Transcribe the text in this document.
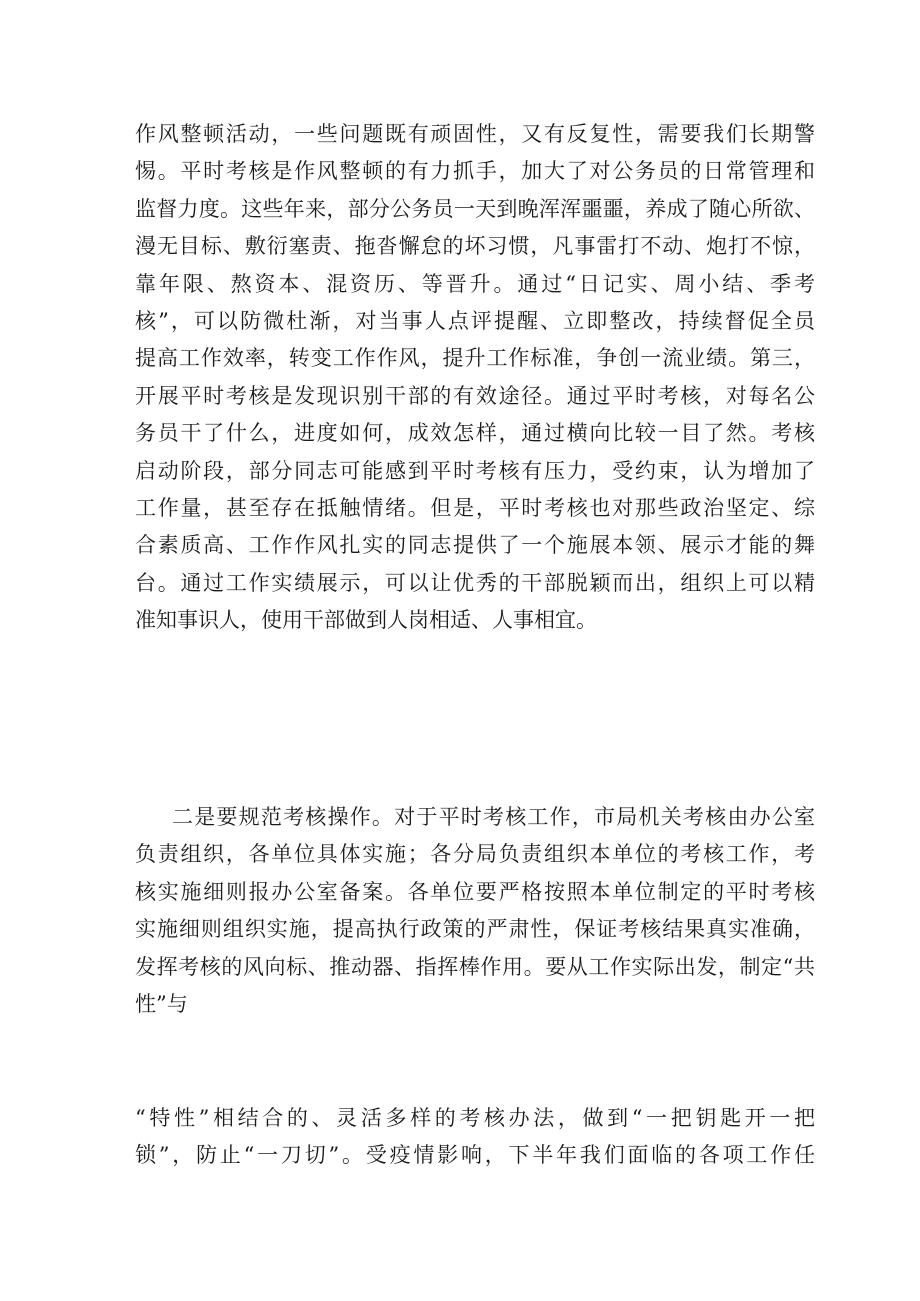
作风整顿活动，一些问题既有顽固性，又有反复性，需要我们长期警
惕。平时考核是作风整顿的有力抓手，加大了对公务员的日常管理和
监督力度。这些年来，部分公务员一天到晚浑浑噩噩，养成了随心所欲、
漫无目标、敷衍塞责、拖沓懈怠的坏习惯，凡事雷打不动、炮打不惊，
靠年限、熬资本、混资历、等晋升。通过“日记实、周小结、季考
核”，可以防微杜渐，对当事人点评提醒、立即整改，持续督促全员
提高工作效率，转变工作作风，提升工作标准，争创一流业绩。第三，
开展平时考核是发现识别干部的有效途径。通过平时考核，对每名公
务员干了什么，进度如何，成效怎样，通过横向比较一目了然。考核
启动阶段，部分同志可能感到平时考核有压力，受约束，认为增加了
工作量，甚至存在抵触情绪。但是，平时考核也对那些政治坚定、综
合素质高、工作作风扎实的同志提供了一个施展本领、展示才能的舞
台。通过工作实绩展示，可以让优秀的干部脱颖而出，组织上可以精
准知事识人，使用干部做到人岗相适、人事相宜。
二是要规范考核操作。对于平时考核工作，市局机关考核由办公室
负责组织，各单位具体实施；各分局负责组织本单位的考核工作，考
核实施细则报办公室备案。各单位要严格按照本单位制定的平时考核
实施细则组织实施，提高执行政策的严肃性，保证考核结果真实准确，
发挥考核的风向标、推动器、指挥棒作用。要从工作实际出发，制定“共
性”与
“特性”相结合的、灵活多样的考核办法，做到“一把钥匙开一把
锁”，防止“一刀切”。受疫情影响，下半年我们面临的各项工作任
